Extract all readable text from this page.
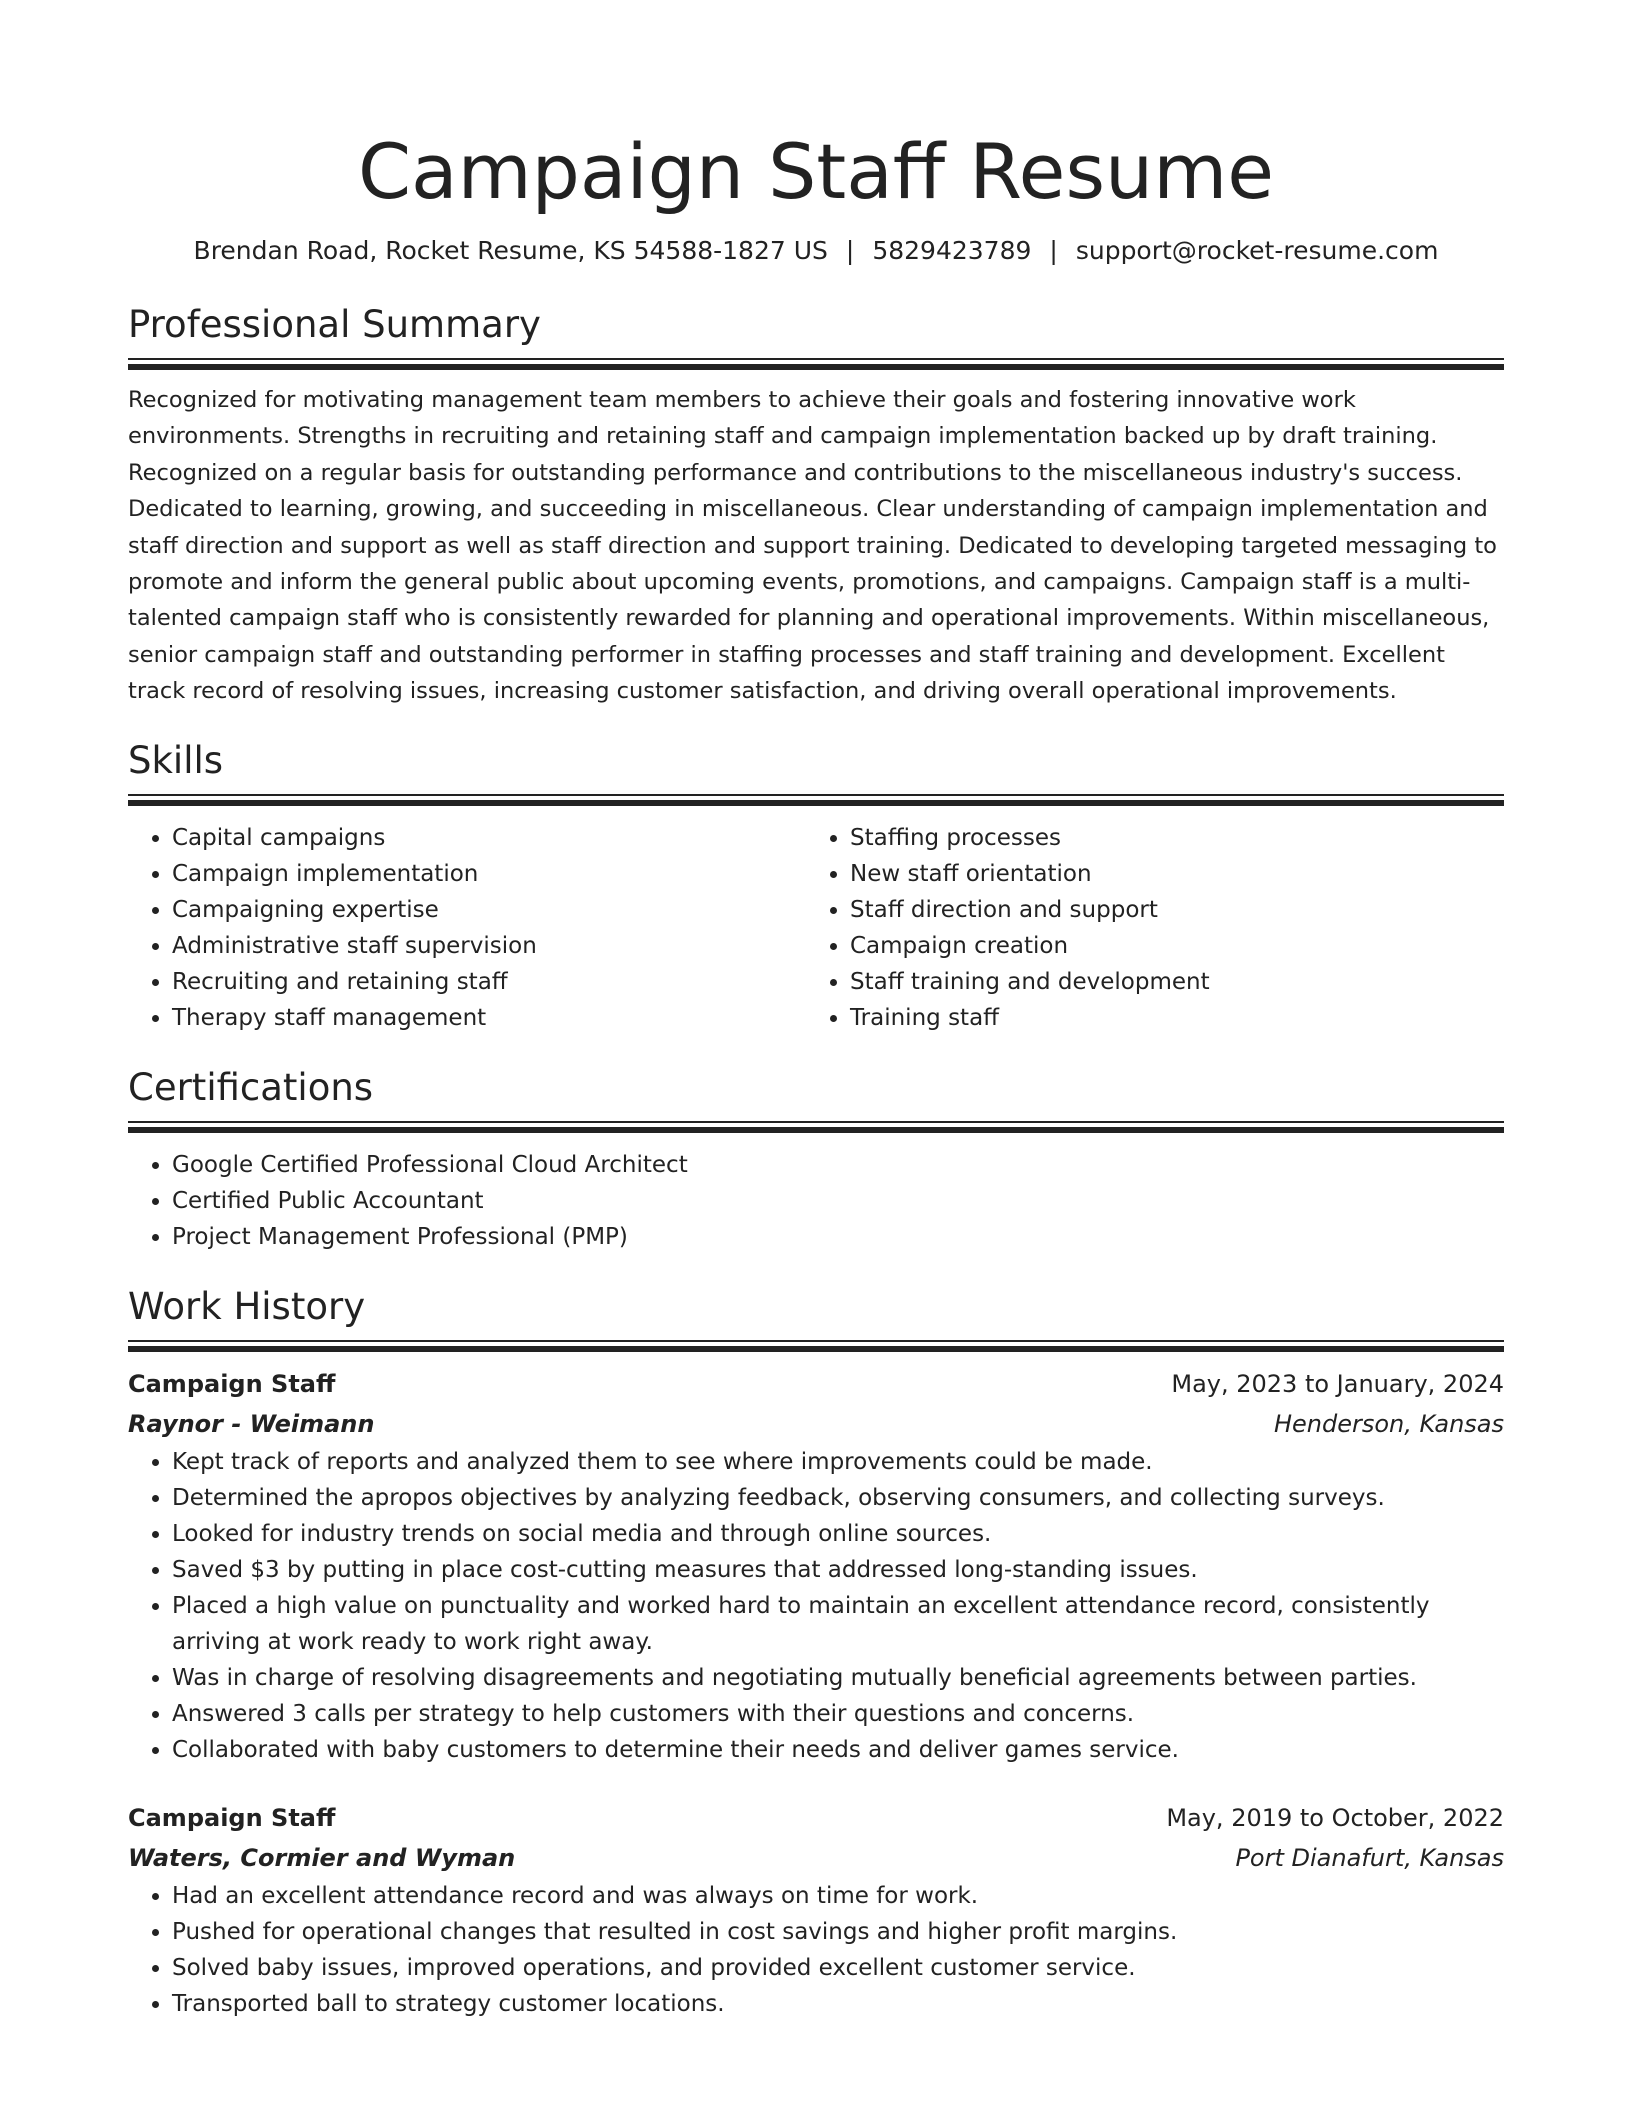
Campaign Staff Resume
Brendan Road, Rocket Resume, KS 54588-1827 US | 5829423789 | support@rocket-resume.com
Professional Summary

Recognized for motivating management team members to achieve their goals and fostering innovative work environments. Strengths in recruiting and retaining staff and campaign implementation backed up by draft training. Recognized on a regular basis for outstanding performance and contributions to the miscellaneous industry's success. Dedicated to learning, growing, and succeeding in miscellaneous. Clear understanding of campaign implementation and staff direction and support as well as staff direction and support training. Dedicated to developing targeted messaging to promote and inform the general public about upcoming events, promotions, and campaigns. Campaign staff is a multi-talented campaign staff who is consistently rewarded for planning and operational improvements. Within miscellaneous, senior campaign staff and outstanding performer in staffing processes and staff training and development. Excellent track record of resolving issues, increasing customer satisfaction, and driving overall operational improvements.

Skills
• Capital campaigns
• Campaign implementation
• Campaigning expertise
• Administrative staff supervision
• Recruiting and retaining staff
• Therapy staff management
• Staffing processes
• New staff orientation
• Staff direction and support
• Campaign creation
• Staff training and development
• Training staff
Certifications
• Google Certified Professional Cloud Architect
• Certified Public Accountant
• Project Management Professional (PMP)
Work History
Campaign Staff	May, 2023 to January, 2024
Raynor - Weimann	Henderson, Kansas
• Kept track of reports and analyzed them to see where improvements could be made.
• Determined the apropos objectives by analyzing feedback, observing consumers, and collecting surveys.
• Looked for industry trends on social media and through online sources.
• Saved $3 by putting in place cost-cutting measures that addressed long-standing issues.
• Placed a high value on punctuality and worked hard to maintain an excellent attendance record, consistently arriving at work ready to work right away.
• Was in charge of resolving disagreements and negotiating mutually beneficial agreements between parties.
• Answered 3 calls per strategy to help customers with their questions and concerns.
• Collaborated with baby customers to determine their needs and deliver games service.
Campaign Staff	May, 2019 to October, 2022
Waters, Cormier and Wyman	Port Dianafurt, Kansas
• Had an excellent attendance record and was always on time for work.
• Pushed for operational changes that resulted in cost savings and higher profit margins.
• Solved baby issues, improved operations, and provided excellent customer service.
• Transported ball to strategy customer locations.
